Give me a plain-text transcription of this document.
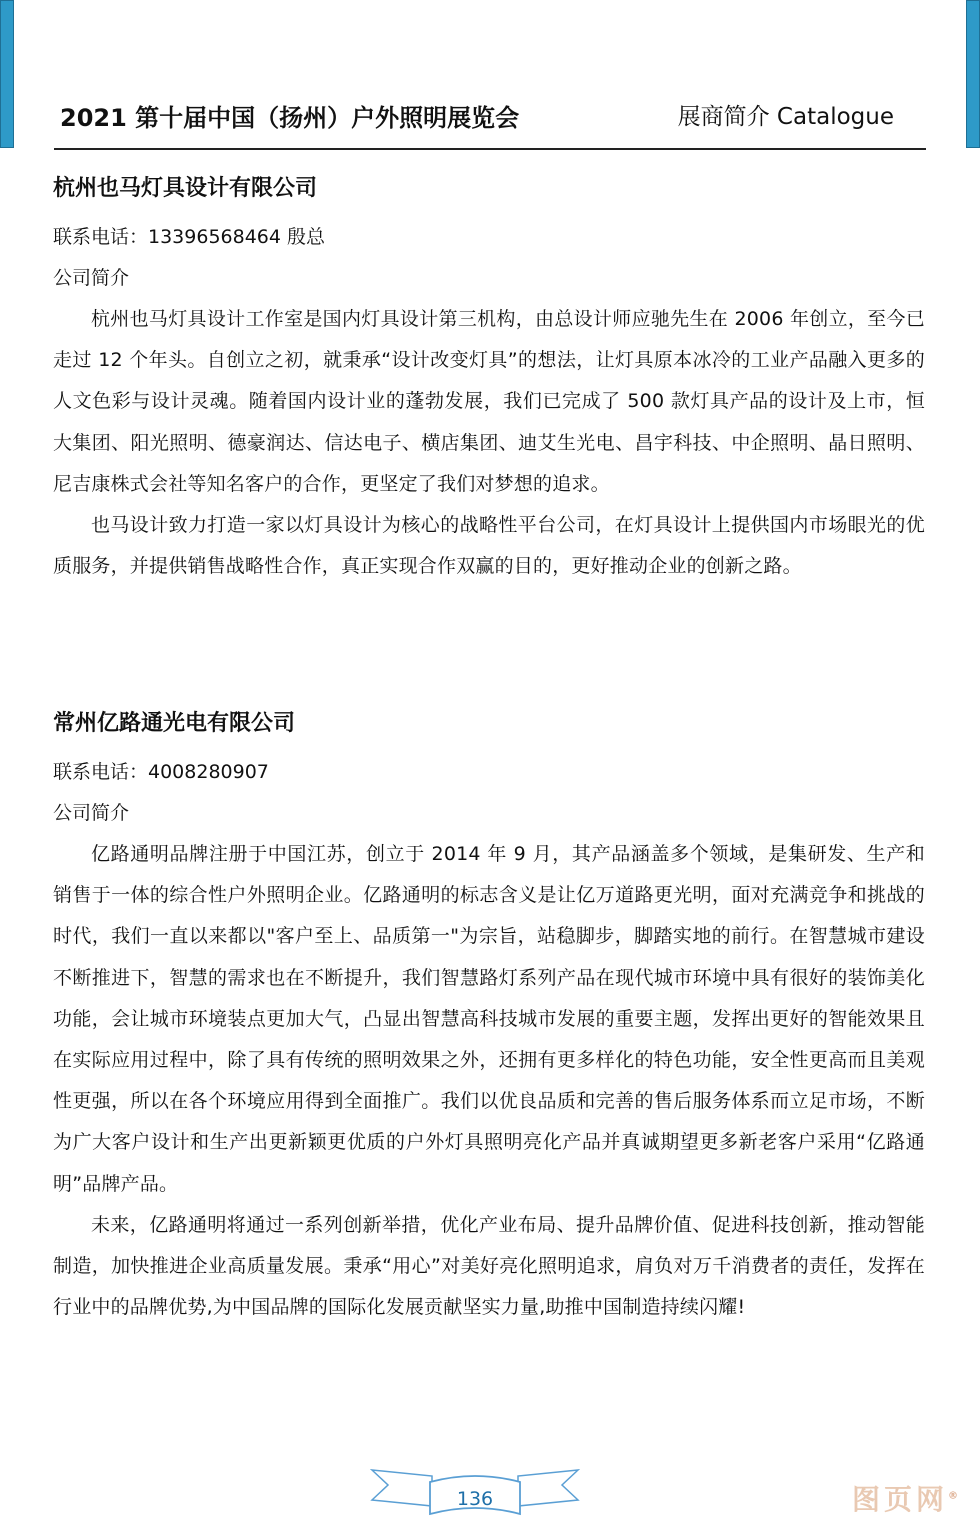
2021 第十届中国（扬州）户外照明展览会	展商简介 Catalogue
杭州也马灯具设计有限公司

联系电话：13396568464 殷总

公司简介

杭州也马灯具设计工作室是国内灯具设计第三机构，由总设计师应驰先生在 2006 年创立，至今已走过 12 个年头。自创立之初，就秉承“设计改变灯具”的想法，让灯具原本冰冷的工业产品融入更多的人文色彩与设计灵魂。随着国内设计业的蓬勃发展，我们已完成了 500 款灯具产品的设计及上市，恒大集团、阳光照明、德豪润达、信达电子、横店集团、迪艾生光电、昌宇科技、中企照明、晶日照明、尼吉康株式会社等知名客户的合作，更坚定了我们对梦想的追求。

也马设计致力打造一家以灯具设计为核心的战略性平台公司，在灯具设计上提供国内市场眼光的优质服务，并提供销售战略性合作，真正实现合作双赢的目的，更好推动企业的创新之路。

常州亿路通光电有限公司

联系电话：4008280907

公司简介

亿路通明品牌注册于中国江苏，创立于 2014 年 9 月，其产品涵盖多个领域，是集研发、生产和销售于一体的综合性户外照明企业。亿路通明的标志含义是让亿万道路更光明，面对充满竞争和挑战的时代，我们一直以来都以"客户至上、品质第一"为宗旨，站稳脚步，脚踏实地的前行。在智慧城市建设不断推进下，智慧的需求也在不断提升，我们智慧路灯系列产品在现代城市环境中具有很好的装饰美化功能，会让城市环境装点更加大气，凸显出智慧高科技城市发展的重要主题，发挥出更好的智能效果且在实际应用过程中，除了具有传统的照明效果之外，还拥有更多样化的特色功能，安全性更高而且美观性更强，所以在各个环境应用得到全面推广。我们以优良品质和完善的售后服务体系而立足市场，不断为广大客户设计和生产出更新颖更优质的户外灯具照明亮化产品并真诚期望更多新老客户采用“亿路通明”品牌产品。

未来，亿路通明将通过一系列创新举措，优化产业布局、提升品牌价值、促进科技创新，推动智能制造，加快推进企业高质量发展。秉承“用心”对美好亮化照明追求，肩负对万千消费者的责任，发挥在行业中的品牌优势,为中国品牌的国际化发展贡献坚实力量,助推中国制造持续闪耀!

136	图页网®
